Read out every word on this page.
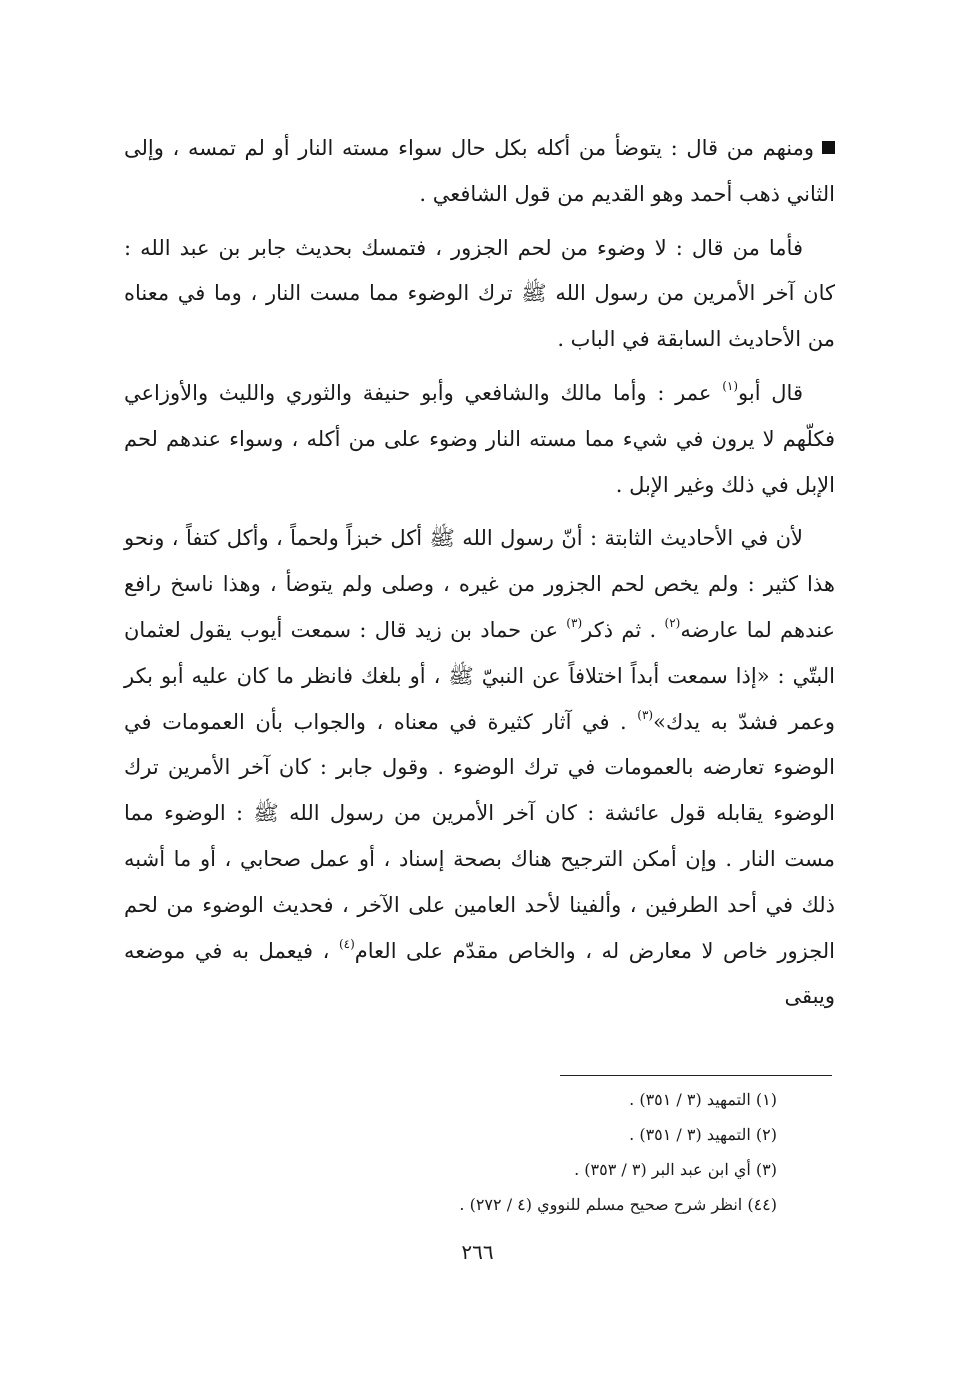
ومنهم من قال : يتوضأ من أكله بكل حال سواء مسته النار أو لم تمسه ، وإلى الثاني ذهب أحمد وهو القديم من قول الشافعي .

فأما من قال : لا وضوء من لحم الجزور ، فتمسك بحديث جابر بن عبد الله : كان آخر الأمرين من رسول الله ﷺ ترك الوضوء مما مست النار ، وما في معناه من الأحاديث السابقة في الباب .

قال أبو$^{(١)}$ عمر : وأما مالك والشافعي وأبو حنيفة والثوري والليث والأوزاعي فكلّهم لا يرون في شيء مما مسته النار وضوء على من أكله ، وسواء عندهم لحم الإبل في ذلك وغير الإبل .

لأن في الأحاديث الثابتة : أنّ رسول الله ﷺ أكل خبزاً ولحماً ، وأكل كتفاً ، ونحو هذا كثير : ولم يخص لحم الجزور من غيره ، وصلى ولم يتوضأ ، وهذا ناسخ رافع عندهم لما عارضه$^{(٢)}$ . ثم ذكر$^{(٣)}$ عن حماد بن زيد قال : سمعت أيوب يقول لعثمان البتّي : «إذا سمعت أبداً اختلافاً عن النبيّ ﷺ ، أو بلغك فانظر ما كان عليه أبو بكر وعمر فشدّ به يدك»$^{(٣)}$ . في آثار كثيرة في معناه ، والجواب بأن العمومات في الوضوء تعارضه بالعمومات في ترك الوضوء . وقول جابر : كان آخر الأمرين ترك الوضوء يقابله قول عائشة : كان آخر الأمرين من رسول الله ﷺ : الوضوء مما مست النار . وإن أمكن الترجيح هناك بصحة إسناد ، أو عمل صحابي ، أو ما أشبه ذلك في أحد الطرفين ، وألفينا لأحد العامين على الآخر ، فحديث الوضوء من لحم الجزور خاص لا معارض له ، والخاص مقدّم على العام$^{(٤)}$ ، فيعمل به في موضعه ويبقى

(١) التمهيد (٣ / ٣٥١) .
(٢) التمهيد (٣ / ٣٥١) .
(٣) أي ابن عبد البر (٣ / ٣٥٣) .
(٤٤) انظر شرح صحيح مسلم للنووي (٤ / ٢٧٢) .
٢٦٦
